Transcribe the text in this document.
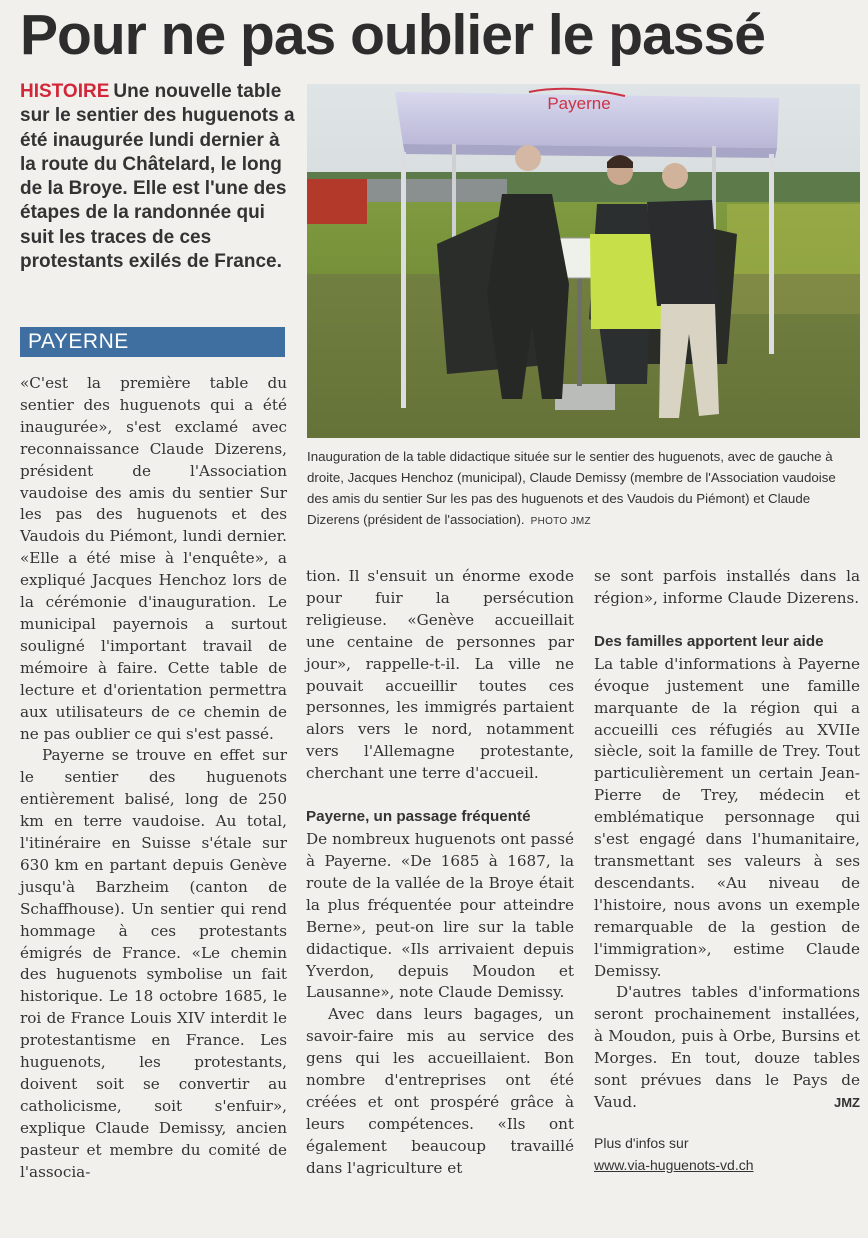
Pour ne pas oublier le passé

HISTOIRE Une nouvelle table sur le sentier des huguenots a été inaugurée lundi dernier à la route du Châtelard, le long de la Broye. Elle est l'une des étapes de la randonnée qui suit les traces de ces protestants exilés de France.

PAYERNE

«C'est la première table du sentier des huguenots qui a été inaugurée», s'est exclamé avec reconnaissance Claude Dizerens, président de l'Association vaudoise des amis du sentier Sur les pas des huguenots et des Vaudois du Piémont, lundi dernier. «Elle a été mise à l'enquête», a expliqué Jacques Henchoz lors de la cérémonie d'inauguration. Le municipal payernois a surtout souligné l'important travail de mémoire à faire. Cette table de lecture et d'orientation permettra aux utilisateurs de ce chemin de ne pas oublier ce qui s'est passé.

Payerne se trouve en effet sur le sentier des huguenots entièrement balisé, long de 250 km en terre vaudoise. Au total, l'itinéraire en Suisse s'étale sur 630 km en partant depuis Genève jusqu'à Barzheim (canton de Schaffhouse). Un sentier qui rend hommage à ces protestants émigrés de France. «Le chemin des huguenots symbolise un fait historique. Le 18 octobre 1685, le roi de France Louis XIV interdit le protestantisme en France. Les huguenots, les protestants, doivent soit se convertir au catholicisme, soit s'enfuir», explique Claude Demissy, ancien pasteur et membre du comité de l'associa-

Payerne

Inauguration de la table didactique située sur le sentier des huguenots, avec de gauche à droite, Jacques Henchoz (municipal), Claude Demissy (membre de l'Association vaudoise des amis du sentier Sur les pas des huguenots et des Vaudois du Piémont) et Claude Dizerens (président de l'association). PHOTO JMZ

tion. Il s'ensuit un énorme exode pour fuir la persécution religieuse. «Genève accueillait une centaine de personnes par jour», rappelle-t-il. La ville ne pouvait accueillir toutes ces personnes, les immigrés partaient alors vers le nord, notamment vers l'Allemagne protestante, cherchant une terre d'accueil.

Payerne, un passage fréquenté

De nombreux huguenots ont passé à Payerne. «De 1685 à 1687, la route de la vallée de la Broye était la plus fréquentée pour atteindre Berne», peut-on lire sur la table didactique. «Ils arrivaient depuis Yverdon, depuis Moudon et Lausanne», note Claude Demissy.

Avec dans leurs bagages, un savoir-faire mis au service des gens qui les accueillaient. Bon nombre d'entreprises ont été créées et ont prospéré grâce à leurs compétences. «Ils ont également beaucoup travaillé dans l'agriculture et

se sont parfois installés dans la région», informe Claude Dizerens.

Des familles apportent leur aide

La table d'informations à Payerne évoque justement une famille marquante de la région qui a accueilli ces réfugiés au XVIIe siècle, soit la famille de Trey. Tout particulièrement un certain Jean-Pierre de Trey, médecin et emblématique personnage qui s'est engagé dans l'humanitaire, transmettant ses valeurs à ses descendants. «Au niveau de l'histoire, nous avons un exemple remarquable de la gestion de l'immigration», estime Claude Demissy.

D'autres tables d'informations seront prochainement installées, à Moudon, puis à Orbe, Bursins et Morges. En tout, douze tables sont prévues dans le Pays de Vaud.	JMZ

Plus d'infos sur
www.via-huguenots-vd.ch
